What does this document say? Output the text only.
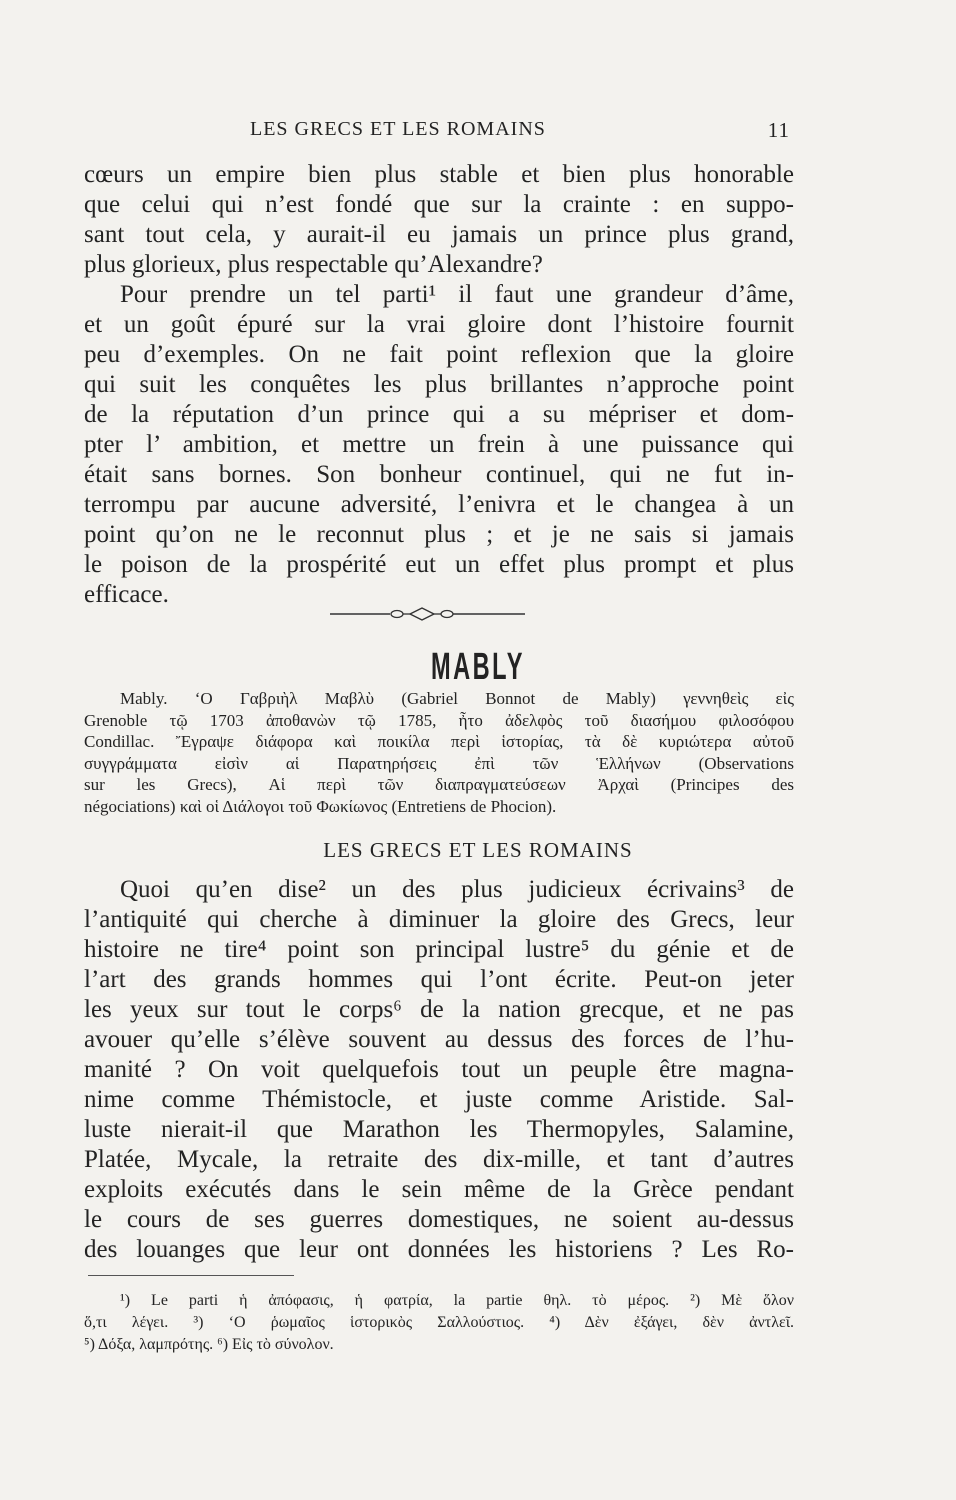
LES GRECS ET LES ROMAINS	11
cœurs un empire bien plus stable et bien plus honorable
que celui qui n’est fondé que sur la crainte : en suppo-
sant tout cela, y aurait-il eu jamais un prince plus grand,
plus glorieux, plus respectable qu’Alexandre?
Pour prendre un tel parti¹ il faut une grandeur d’âme,
et un goût épuré sur la vrai gloire dont l’histoire fournit
peu d’exemples. On ne fait point reflexion que la gloire
qui suit les conquêtes les plus brillantes n’approche point
de la réputation d’un prince qui a su mépriser et dom-
pter l’ ambition, et mettre un frein à une puissance qui
était sans bornes. Son bonheur continuel, qui ne fut in-
terrompu par aucune adversité, l’enivra et le changea à un
point qu’on ne le reconnut plus ; et je ne sais si jamais
le poison de la prospérité eut un effet plus prompt et plus
efficace.
MABLY
Mably. ‘Ο Γαβριὴλ Μαβλὺ (Gabriel Bonnot de Mably) γεννηθεὶς εἰς
Grenoble τῷ 1703 ἀποθανὼν τῷ 1785, ἦτο ἀδελφὸς τοῦ διασήμου φιλοσόφου
Condillac. Ἔγραψε διάφορα καὶ ποικίλα περὶ ἱστορίας, τὰ δὲ κυριώτερα αὐτοῦ
συγγράμματα εἰσὶν αἱ Παρατηρήσεις ἐπὶ τῶν Ἑλλήνων (Observations
sur les Grecs), Αἱ περὶ τῶν διαπραγματεύσεων Ἀρχαὶ (Principes des
négociations) καὶ οἱ Διάλογοι τοῦ Φωκίωνος (Entretiens de Phocion).
LES GRECS ET LES ROMAINS
Quoi qu’en dise² un des plus judicieux écrivains³ de
l’antiquité qui cherche à diminuer la gloire des Grecs, leur
histoire ne tire⁴ point son principal lustre⁵ du génie et de
l’art des grands hommes qui l’ont écrite. Peut-on jeter
les yeux sur tout le corps⁶ de la nation grecque, et ne pas
avouer qu’elle s’élève souvent au dessus des forces de l’hu-
manité ? On voit quelquefois tout un peuple être magna-
nime comme Thémistocle, et juste comme Aristide. Sal-
luste nierait-il que Marathon les Thermopyles, Salamine,
Platée, Mycale, la retraite des dix-mille, et tant d’autres
exploits exécutés dans le sein même de la Grèce pendant
le cours de ses guerres domestiques, ne soient au-dessus
des louanges que leur ont données les historiens ? Les Ro-
¹) Le parti ἡ ἀπόφασις, ἡ φατρία, la partie θηλ. τὸ μέρος. ²) Μὲ ὅλον
ὅ,τι λέγει. ³) ‘Ο ῥωμαῖος ἱστορικὸς Σαλλούστιος. ⁴) Δὲν ἐξάγει, δὲν ἀντλεῖ.
⁵) Δόξα, λαμπρότης. ⁶) Εἰς τὸ σύνολον.
